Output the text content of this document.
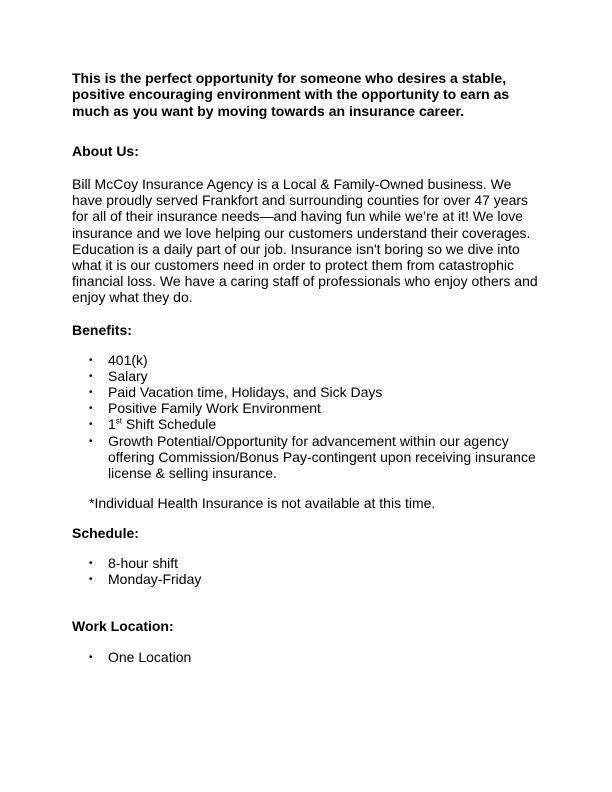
This is the perfect opportunity for someone who desires a stable, positive encouraging environment with the opportunity to earn as much as you want by moving towards an insurance career.

About Us:

Bill McCoy Insurance Agency is a Local & Family-Owned business. We have proudly served Frankfort and surrounding counties for over 47 years for all of their insurance needs—and having fun while we’re at it! We love insurance and we love helping our customers understand their coverages. Education is a daily part of our job. Insurance isn't boring so we dive into what it is our customers need in order to protect them from catastrophic financial loss. We have a caring staff of professionals who enjoy others and enjoy what they do.

Benefits:

• 401(k)
• Salary
• Paid Vacation time, Holidays, and Sick Days
• Positive Family Work Environment
• 1st Shift Schedule
• Growth Potential/Opportunity for advancement within our agency offering Commission/Bonus Pay-contingent upon receiving insurance license & selling insurance.

*Individual Health Insurance is not available at this time.

Schedule:

• 8-hour shift
• Monday-Friday

Work Location:

• One Location
